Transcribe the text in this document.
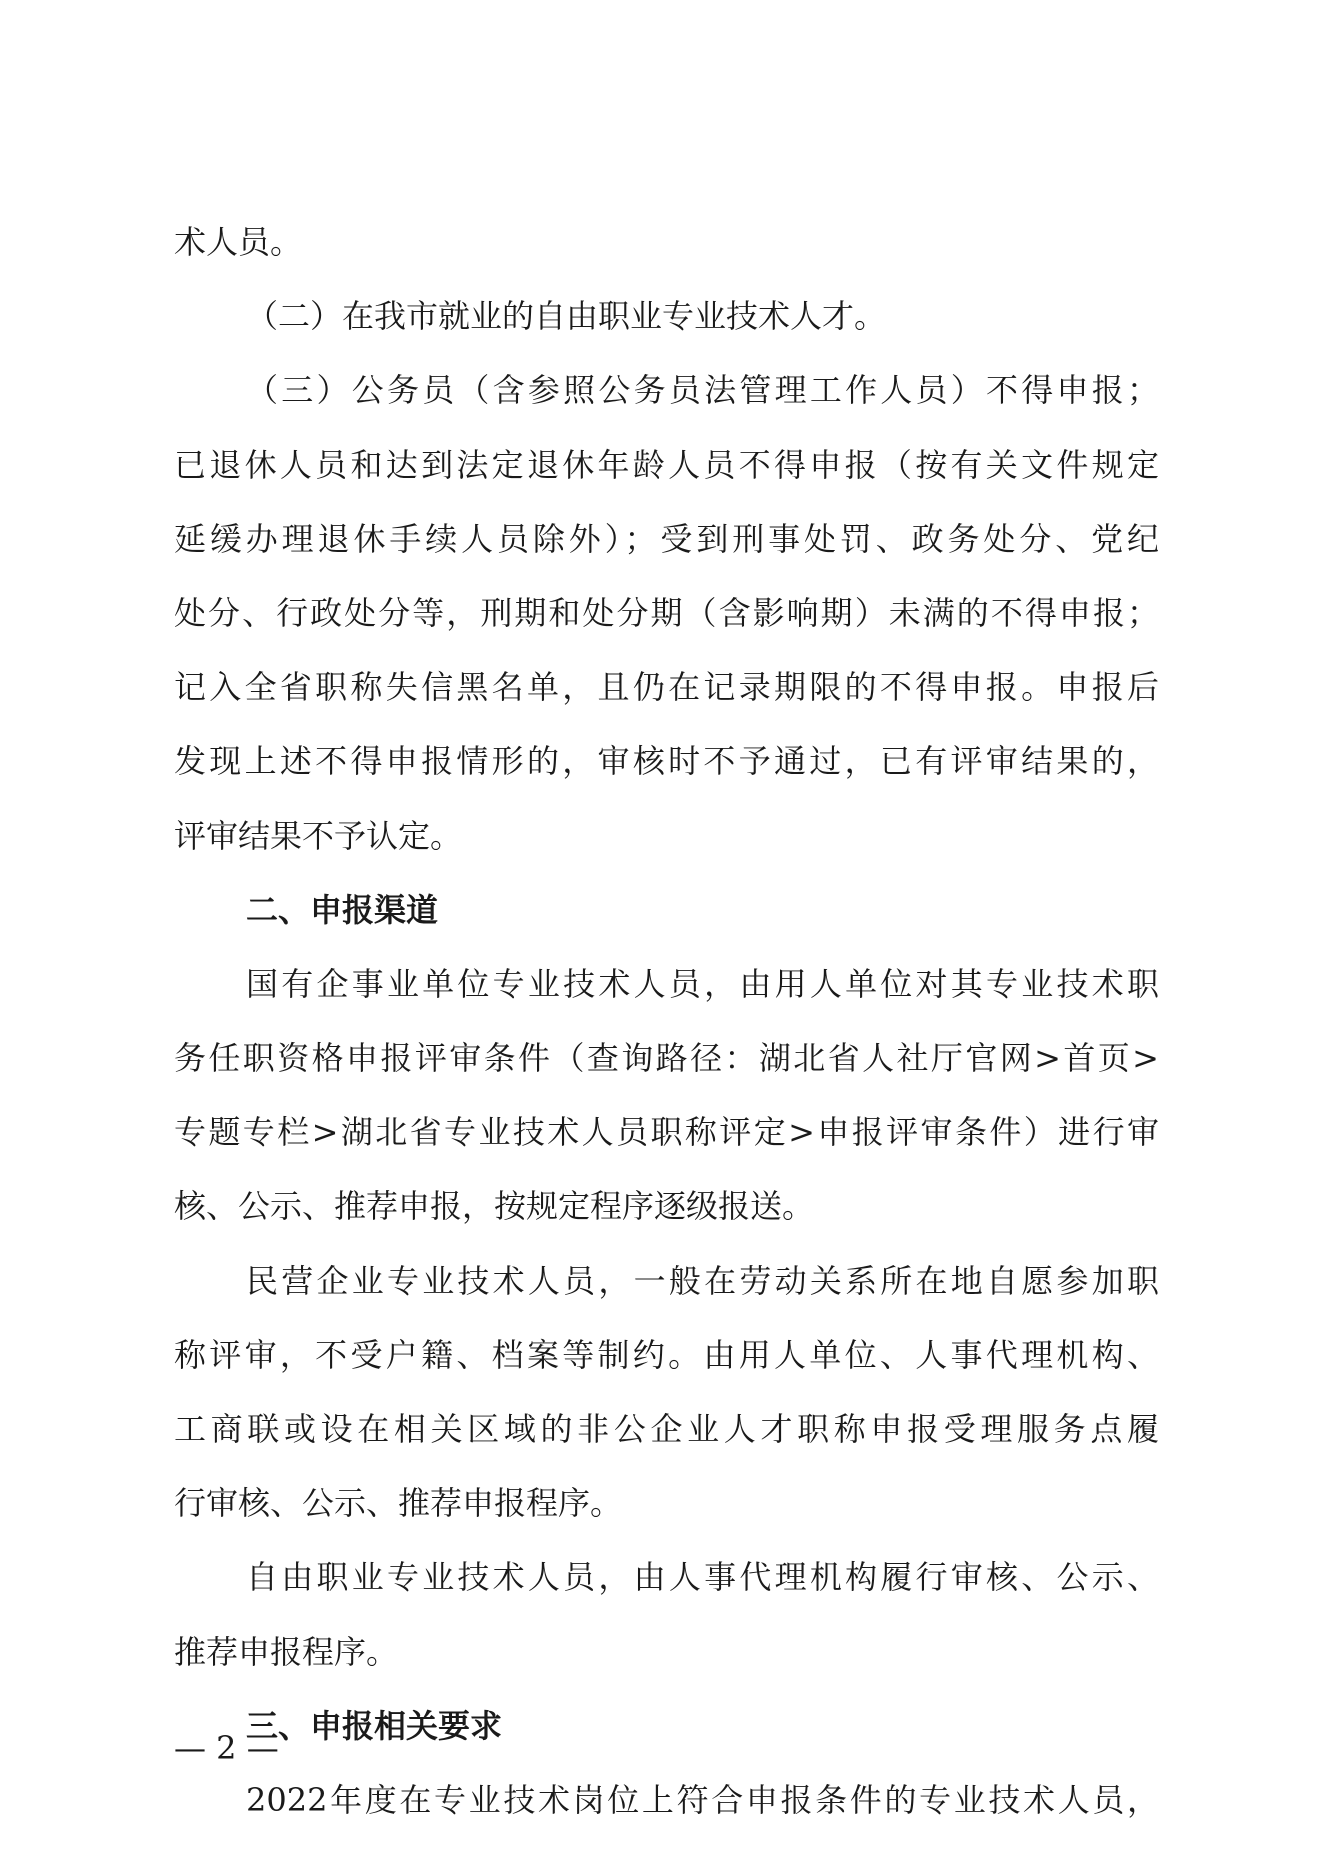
术人员。
（二）在我市就业的自由职业专业技术人才。
（三）公务员（含参照公务员法管理工作人员）不得申报；
已退休人员和达到法定退休年龄人员不得申报（按有关文件规定
延缓办理退休手续人员除外）；受到刑事处罚、政务处分、党纪
处分、行政处分等，刑期和处分期（含影响期）未满的不得申报；
记入全省职称失信黑名单，且仍在记录期限的不得申报。申报后
发现上述不得申报情形的，审核时不予通过，已有评审结果的，
评审结果不予认定。
二、申报渠道
国有企事业单位专业技术人员，由用人单位对其专业技术职
务任职资格申报评审条件（查询路径：湖北省人社厅官网>首页>
专题专栏>湖北省专业技术人员职称评定>申报评审条件）进行审
核、公示、推荐申报，按规定程序逐级报送。
民营企业专业技术人员，一般在劳动关系所在地自愿参加职
称评审，不受户籍、档案等制约。由用人单位、人事代理机构、
工商联或设在相关区域的非公企业人才职称申报受理服务点履
行审核、公示、推荐申报程序。
自由职业专业技术人员，由人事代理机构履行审核、公示、
推荐申报程序。
三、申报相关要求
2022年度在专业技术岗位上符合申报条件的专业技术人员，
— 2 —
